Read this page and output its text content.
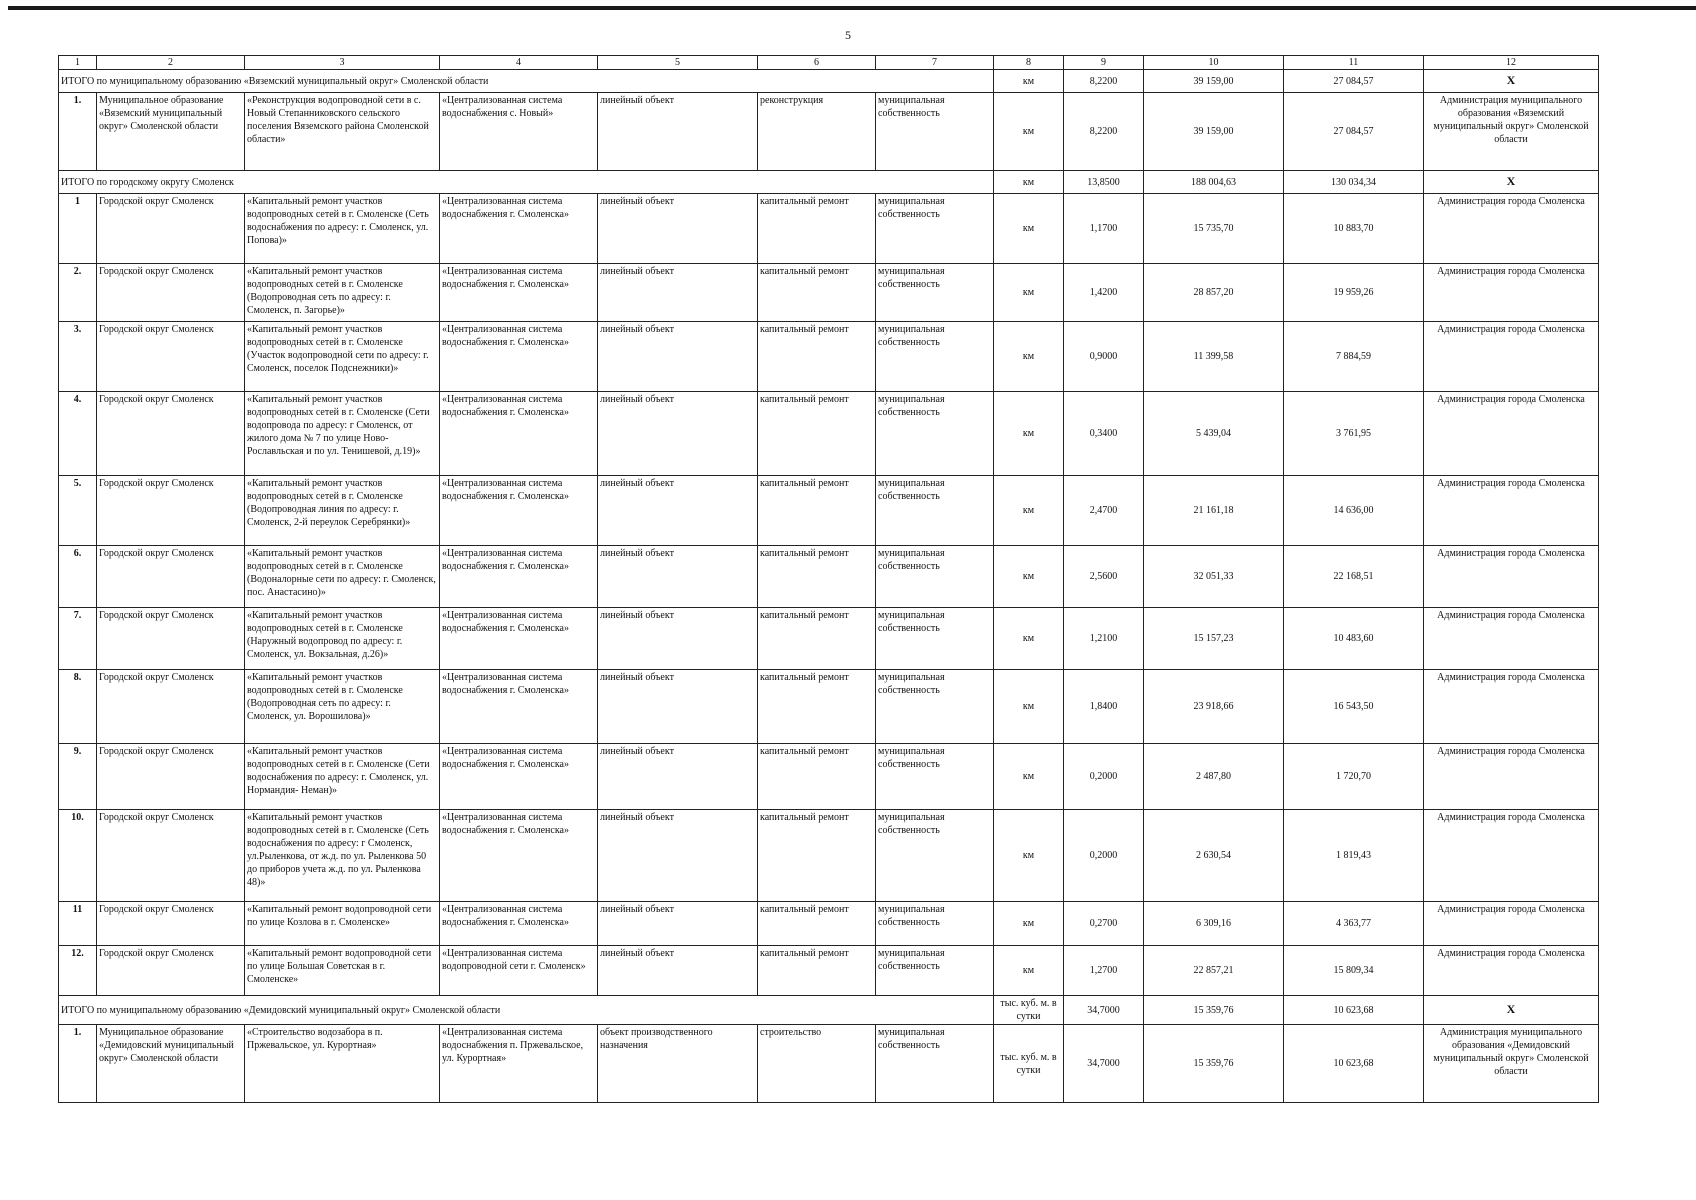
5
1	2	3	4	5	6	7	8	9	10	11	12
ИТОГО по муниципальному образованию «Вяземский муниципальный округ» Смоленской области							км	8,2200	39 159,00	27 084,57	X
1.	Муниципальное образование «Вяземский муниципальный округ» Смоленской области	«Реконструкция водопроводной сети в с. Новый Степанниковского сельского поселения Вяземского района Смоленской области»	«Централизованная система водоснабжения с. Новый»	линейный объект	реконструкция	муниципальная собственность	км	8,2200	39 159,00	27 084,57	Администрация муниципального образования «Вяземский муниципальный округ» Смоленской области
ИТОГО по городскому округу Смоленск							км	13,8500	188 004,63	130 034,34	X
1	Городской округ Смоленск	«Капитальный ремонт участков водопроводных сетей в г. Смоленске (Сеть водоснабжения по адресу: г. Смоленск, ул. Попова)»	«Централизованная система водоснабжения г. Смоленска»	линейный объект	капитальный ремонт	муниципальная собственность	км	1,1700	15 735,70	10 883,70	Администрация города Смоленска
2.	Городской округ Смоленск	«Капитальный ремонт участков водопроводных сетей в г. Смоленске (Водопроводная сеть по адресу: г. Смоленск, п. Загорье)»	«Централизованная система водоснабжения г. Смоленска»	линейный объект	капитальный ремонт	муниципальная собственность	км	1,4200	28 857,20	19 959,26	Администрация города Смоленска
3.	Городской округ Смоленск	«Капитальный ремонт участков водопроводных сетей в г. Смоленске (Участок водопроводной сети по адресу: г. Смоленск, поселок Подснежники)»	«Централизованная система водоснабжения г. Смоленска»	линейный объект	капитальный ремонт	муниципальная собственность	км	0,9000	11 399,58	7 884,59	Администрация города Смоленска
4.	Городской округ Смоленск	«Капитальный ремонт участков водопроводных сетей в г. Смоленске (Сети водопровода по адресу: г Смоленск, от жилого дома № 7 по улице Ново-Рославльская и по ул. Тенишевой, д.19)»	«Централизованная система водоснабжения г. Смоленска»	линейный объект	капитальный ремонт	муниципальная собственность	км	0,3400	5 439,04	3 761,95	Администрация города Смоленска
5.	Городской округ Смоленск	«Капитальный ремонт участков водопроводных сетей в г. Смоленске (Водопроводная линия по адресу: г. Смоленск, 2-й переулок Серебрянки)»	«Централизованная система водоснабжения г. Смоленска»	линейный объект	капитальный ремонт	муниципальная собственность	км	2,4700	21 161,18	14 636,00	Администрация города Смоленска
6.	Городской округ Смоленск	«Капитальный ремонт участков водопроводных сетей в г. Смоленске (Водоналорные сети по адресу: г. Смоленск, пос. Анастасино)»	«Централизованная система водоснабжения г. Смоленска»	линейный объект	капитальный ремонт	муниципальная собственность	км	2,5600	32 051,33	22 168,51	Администрация города Смоленска
7.	Городской округ Смоленск	«Капитальный ремонт участков водопроводных сетей в г. Смоленске (Наружный водопровод по адресу: г. Смоленск, ул. Вокзальная, д.26)»	«Централизованная система водоснабжения г. Смоленска»	линейный объект	капитальный ремонт	муниципальная собственность	км	1,2100	15 157,23	10 483,60	Администрация города Смоленска
8.	Городской округ Смоленск	«Капитальный ремонт участков водопроводных сетей в г. Смоленске (Водопроводная сеть по адресу: г. Смоленск, ул. Ворошилова)»	«Централизованная система водоснабжения г. Смоленска»	линейный объект	капитальный ремонт	муниципальная собственность	км	1,8400	23 918,66	16 543,50	Администрация города Смоленска
9.	Городской округ Смоленск	«Капитальный ремонт участков водопроводных сетей в г. Смоленске (Сети водоснабжения по адресу: г. Смоленск, ул. Нормандия- Неман)»	«Централизованная система водоснабжения г. Смоленска»	линейный объект	капитальный ремонт	муниципальная собственность	км	0,2000	2 487,80	1 720,70	Администрация города Смоленска
10.	Городской округ Смоленск	«Капитальный ремонт участков водопроводных сетей в г. Смоленске (Сеть водоснабжения по адресу: г Смоленск, ул.Рыленкова, от ж.д. по ул. Рыленкова 50 до приборов учета ж.д. по ул. Рыленкова 48)»	«Централизованная система водоснабжения г. Смоленска»	линейный объект	капитальный ремонт	муниципальная собственность	км	0,2000	2 630,54	1 819,43	Администрация города Смоленска
11	Городской округ Смоленск	«Капитальный ремонт водопроводной сети по улице Козлова в г. Смоленске»	«Централизованная система водоснабжения г. Смоленска»	линейный объект	капитальный ремонт	муниципальная собственность	км	0,2700	6 309,16	4 363,77	Администрация города Смоленска
12.	Городской округ Смоленск	«Капитальный ремонт водопроводной сети по улице Большая Советская в г. Смоленске»	«Централизованная система водопроводной сети г. Смоленск»	линейный объект	капитальный ремонт	муниципальная собственность	км	1,2700	22 857,21	15 809,34	Администрация города Смоленска
ИТОГО по муниципальному образованию «Демидовский муниципальный округ» Смоленской области							тыс. куб. м. в сутки	34,7000	15 359,76	10 623,68	X
1.	Муниципальное образование «Демидовский муниципальный округ» Смоленской области	«Строительство водозабора в п. Пржевальское, ул. Курортная»	«Централизованная система водоснабжения п. Пржевальское, ул. Курортная»	объект производственного назначения	строительство	муниципальная собственность	тыс. куб. м. в сутки	34,7000	15 359,76	10 623,68	Администрация муниципального образования «Демидовский муниципальный округ» Смоленской области
